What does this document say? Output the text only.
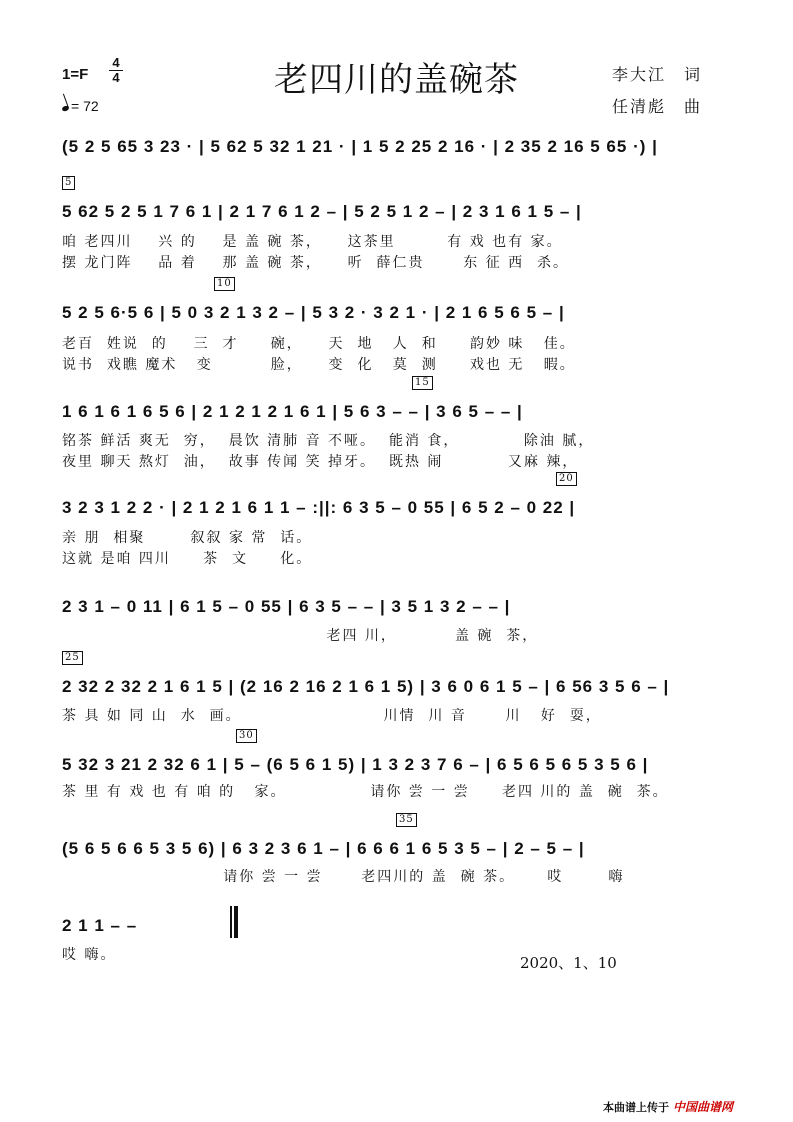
老四川的盖碗茶
1=F
4
4
= 72
李大江　词
任清彪　曲
(5 2 5 65 3 23 · | 5 62 5 32 1 21 · | 1 5 2 25 2 16 · | 2 35 2 16 5 65 ·) |
5
5 62 5 2 5 1 7 6 1 | 2 1 7 6 1 2 – | 5 2 5 1 2 – | 2 3 1 6 1 5 – |
咱 老四川    兴 的    是 盖 碗 茶，    这茶里        有 戏 也有 家。
摆 龙门阵    品 着    那 盖 碗 茶，    听  薛仁贵      东 征 西  杀。
10
5 2 5 6·5 6 | 5 0 3 2 1 3 2 – | 5 3 2 · 3 2 1 · | 2 1 6 5 6 5 – |
老百  姓说  的    三  才     碗，    天  地   人  和     韵妙 味   佳。
说书  戏瞧 魔术   变         脸，    变  化   莫  测     戏也 无   暇。
15
1 6 1 6 1 6 5 6 | 2 1 2 1 2 1 6 1 | 5 6 3 – – | 3 6 5 – – |
铭茶 鲜活 爽无  穷，  晨饮 清肺 音 不哑。  能消 食，          除油 腻，
夜里 聊天 熬灯  油，  故事 传闻 笑 掉牙。  既热 闹          又麻 辣，
20
3 2 3 1 2 2 · | 2 1 2 1 6 1 1 – :||: 6 3 5 – 0 55 | 6 5 2 – 0 22 |
亲 朋  相聚       叙叙 家 常  话。
这就 是咱 四川     茶  文     化。
2 3 1 – 0 11 | 6 1 5 – 0 55 | 6 3 5 – – | 3 5 1 3 2 – – |
老四 川，         盖 碗  茶，
25
2 32 2 32 2 1 6 1 5 | (2 16 2 16 2 1 6 1 5) | 3 6 0 6 1 5 – | 6 56 3 5 6 – |
茶 具 如 同 山  水  画。                      川情  川 音      川   好  耍，
30
5 32 3 21 2 32 6 1 | 5 – (6 5 6 1 5) | 1 3 2 3 7 6 – | 6 5 6 5 6 5 3 5 6 |
茶 里 有 戏 也 有 咱 的   家。             请你 尝 一 尝     老四 川的 盖  碗  茶。
35
(5 6 5 6 6 5 3 5 6) | 6 3 2 3 6 1 – | 6 6 6 1 6 5 3 5 – | 2 – 5 – |
请你 尝 一 尝      老四川的 盖  碗 茶。     哎       嗨
2 1 1 – –
哎 嗨。	2020、1、10
本曲谱上传于 中国曲谱网
